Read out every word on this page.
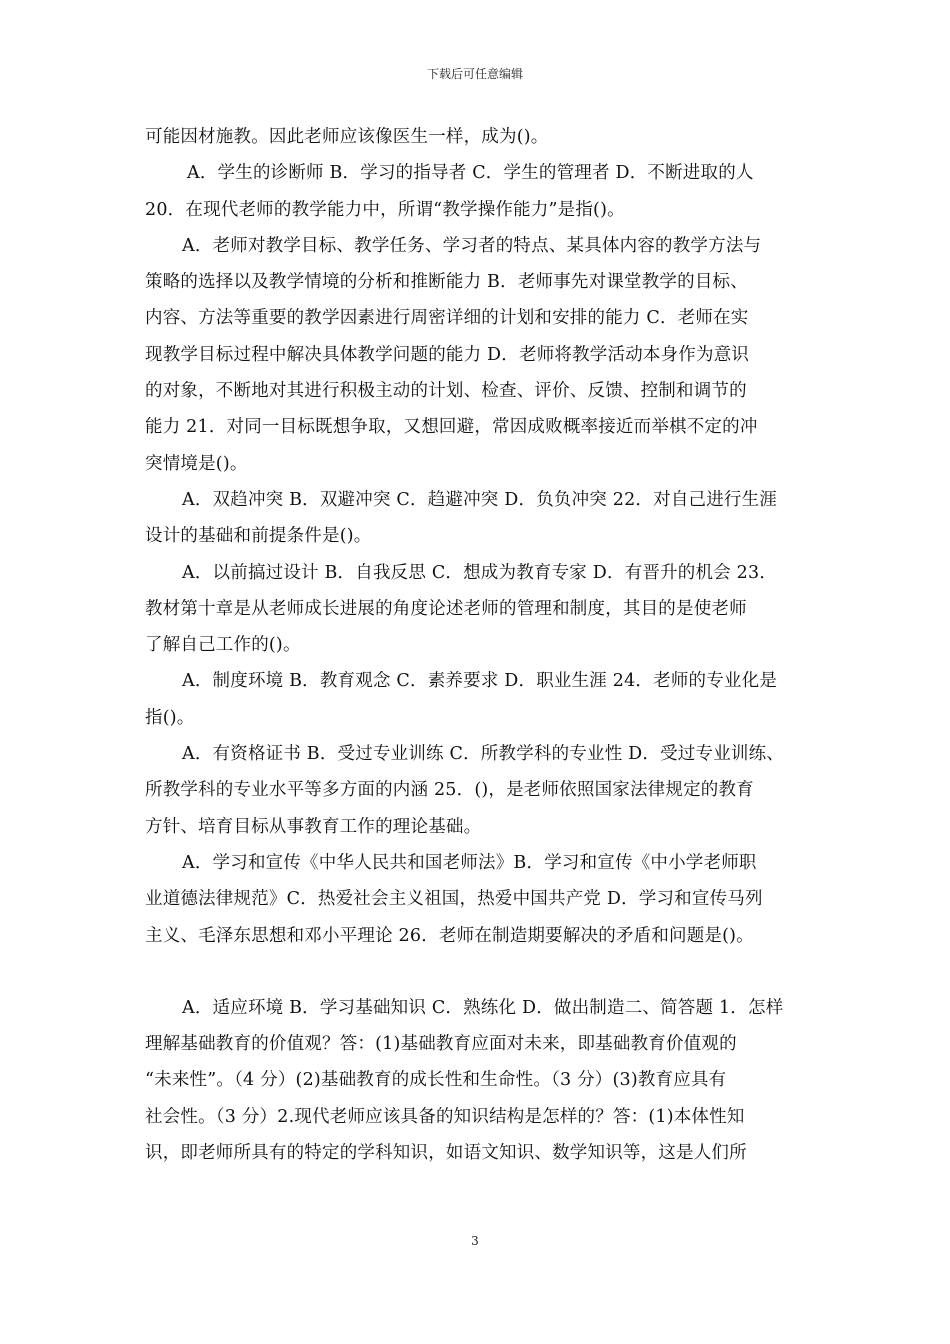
下载后可任意编辑
可能因材施教。因此老师应该像医生一样，成为()。
A．学生的诊断师 B．学习的指导者 C．学生的管理者 D．不断进取的人
20．在现代老师的教学能力中，所谓“教学操作能力”是指()。
A．老师对教学目标、教学任务、学习者的特点、某具体内容的教学方法与
策略的选择以及教学情境的分析和推断能力 B．老师事先对课堂教学的目标、
内容、方法等重要的教学因素进行周密详细的计划和安排的能力 C．老师在实
现教学目标过程中解决具体教学问题的能力 D．老师将教学活动本身作为意识
的对象，不断地对其进行积极主动的计划、检查、评价、反馈、控制和调节的
能力 21．对同一目标既想争取，又想回避，常因成败概率接近而举棋不定的冲
突情境是()。
A．双趋冲突 B．双避冲突 C．趋避冲突 D．负负冲突 22．对自己进行生涯
设计的基础和前提条件是()。
A．以前搞过设计 B．自我反思 C．想成为教育专家 D．有晋升的机会 23．
教材第十章是从老师成长进展的角度论述老师的管理和制度，其目的是使老师
了解自己工作的()。
A．制度环境 B．教育观念 C．素养要求 D．职业生涯 24．老师的专业化是
指()。
A．有资格证书 B．受过专业训练 C．所教学科的专业性 D．受过专业训练、
所教学科的专业水平等多方面的内涵 25．()，是老师依照国家法律规定的教育
方针、培育目标从事教育工作的理论基础。
A．学习和宣传《中华人民共和国老师法》B．学习和宣传《中小学老师职
业道德法律规范》C．热爱社会主义祖国，热爱中国共产党 D．学习和宣传马列
主义、毛泽东思想和邓小平理论 26．老师在制造期要解决的矛盾和问题是()。
A．适应环境 B．学习基础知识 C．熟练化 D．做出制造二、简答题 1．怎样
理解基础教育的价值观？答：(1)基础教育应面对未来，即基础教育价值观的
“未来性”。（4 分）(2)基础教育的成长性和生命性。（3 分）(3)教育应具有
社会性。（3 分）2.现代老师应该具备的知识结构是怎样的？答：(1)本体性知
识，即老师所具有的特定的学科知识，如语文知识、数学知识等，这是人们所
3
